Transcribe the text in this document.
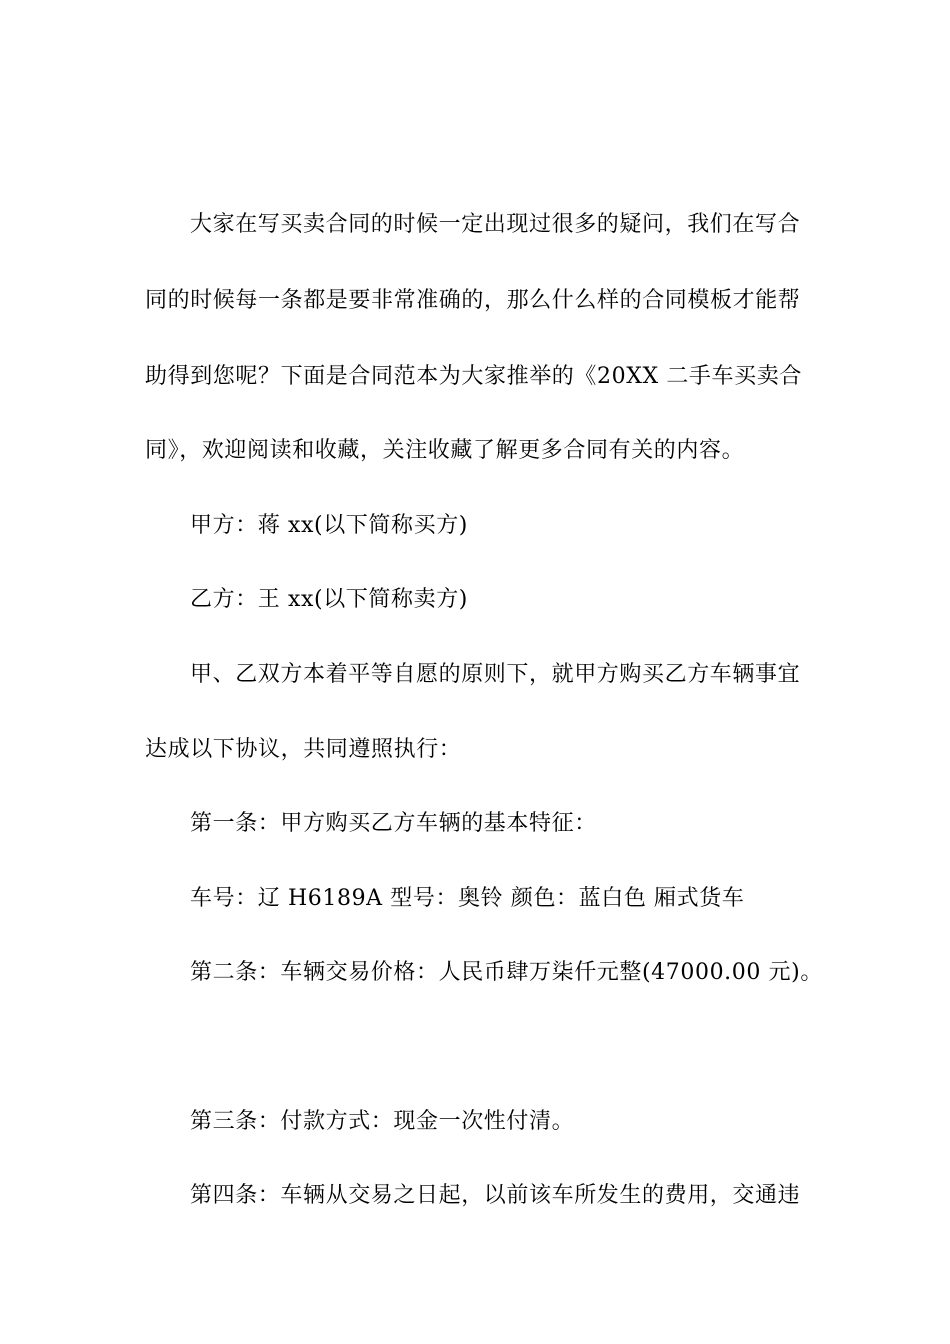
大家在写买卖合同的时候一定出现过很多的疑问，我们在写合
同的时候每一条都是要非常准确的，那么什么样的合同模板才能帮
助得到您呢？下面是合同范本为大家推举的《20XX 二手车买卖合
同》，欢迎阅读和收藏，关注收藏了解更多合同有关的内容。
甲方：蒋 xx(以下简称买方)
乙方：王 xx(以下简称卖方)
甲、乙双方本着平等自愿的原则下，就甲方购买乙方车辆事宜
达成以下协议，共同遵照执行：
第一条：甲方购买乙方车辆的基本特征：
车号：辽 H6189A 型号：奥铃 颜色：蓝白色 厢式货车
第二条：车辆交易价格：人民币肆万柒仟元整(47000.00 元)。
第三条：付款方式：现金一次性付清。
第四条：车辆从交易之日起，以前该车所发生的费用，交通违
